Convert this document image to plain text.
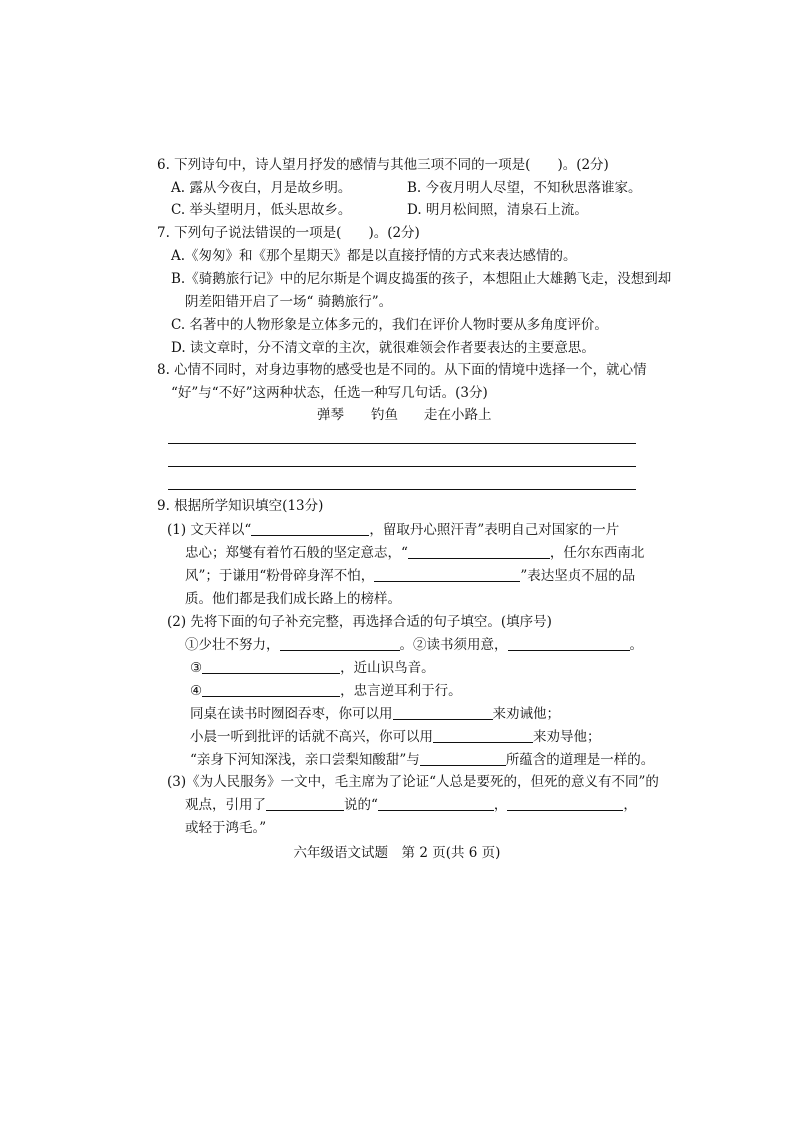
6. 下列诗句中，诗人望月抒发的感情与其他三项不同的一项是(　　)。(2分)
A. 露从今夜白，月是故乡明。	B. 今夜月明人尽望，不知秋思落谁家。
C. 举头望明月，低头思故乡。	D. 明月松间照，清泉石上流。
7. 下列句子说法错误的一项是(　　)。(2分)
A.《匆匆》和《那个星期天》都是以直接抒情的方式来表达感情的。
B.《骑鹅旅行记》中的尼尔斯是个调皮捣蛋的孩子，本想阻止大雄鹅飞走，没想到却
阴差阳错开启了一场“ 骑鹅旅行”。
C. 名著中的人物形象是立体多元的，我们在评价人物时要从多角度评价。
D. 读文章时，分不清文章的主次，就很难领会作者要表达的主要意思。
8. 心情不同时，对身边事物的感受也是不同的。从下面的情境中选择一个，就心情
“好”与“不好”这两种状态，任选一种写几句话。(3分)
弹琴 钓鱼 走在小路上
9. 根据所学知识填空(13分)
(1) 文天祥以“	，留取丹心照汗青”表明自己对国家的一片
忠心；郑燮有着竹石般的坚定意志，“	，任尔东西南北
风”；于谦用“粉骨碎身浑不怕，	”表达坚贞不屈的品
质。他们都是我们成长路上的榜样。
(2) 先将下面的句子补充完整，再选择合适的句子填空。(填序号)
①少壮不努力，	。②读书须用意，	。
③	，近山识鸟音。
④	，忠言逆耳利于行。
同桌在读书时囫囵吞枣，你可以用	来劝诫他；
小晨一听到批评的话就不高兴，你可以用	来劝导他；
“亲身下河知深浅，亲口尝梨知酸甜”与	所蕴含的道理是一样的。
(3)《为人民服务》一文中，毛主席为了论证“人总是要死的，但死的意义有不同”的
观点，引用了	说的“	，	，
或轻于鸿毛。”
六年级语文试题　第 2 页(共 6 页)
